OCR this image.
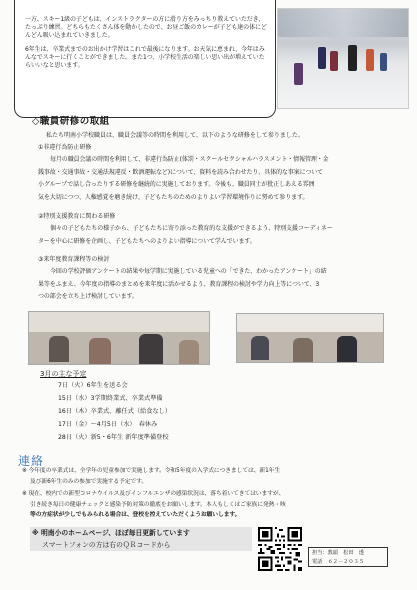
一方、スキー1級の子どもは、インストラクターの方に滑り方をみっちり教えていただき、たっぷり練習。どちらもたくさん体を動かしたので、お昼ご飯のカレーが子ども達の体にどんどん吸い込まれていきました。

6年生は、卒業式までのお出かけ学習はこれで最後になります。お天気に恵まれ、今年はみんなでスキーに行くことができました。また1つ、小学校生活の楽しい思い出が増えていたらいいなと思います。

◇職員研修の取組
私たち明南小学校職員は、職員会議等の時間を利用して、以下のような研修をして参りました。
①非違行為防止研修
毎月の職員会議の時間を利用して、非違行為防止(体罰・スクールセクシャルハラスメント・情報管理・金
銭事故・交通事故・交通法規違反・飲酒運転など)について、資料を読み合わせたり、具体的な事案について
小グループで話し合ったりする研修を継続的に実施しております。今後も、職員同士が批正しあえる雰囲
気を大切につつ、人権感覚を磨き続け、子どもたちのためのよりよい学習環境作りに努めて参ります。
②特別支援教育に関わる研修
個々の子どもたちの様子から、子どもたちに寄り添った教育的な支援ができるよう、特別支援コーディネー
ターを中心に研修を企画し、子どもたちへのよりよい指導について学んでいます。
③来年度教育課程等の検討
今回の学校評価アンケートの結果や毎学期に実施している児童への「できた、わかったアンケート」の結
果等をふまえ、今年度の指導のまとめを来年度に活かせるよう、教育課程の検討や学力向上等について、3
つの部会を立ち上げ検討しています。
3月の主な予定
7日（火）6年生を送る会
15日（水）3学期終業式、卒業式準備
16日（木）卒業式、離任式（給食なし）
17日（金）～4月5日（水）　春休み
28日（火）新5・6年生 新年度準備登校
連絡
※ 今年度の卒業式は、全学年の児童参加で実施します。令和5年度の入学式につきましては、新1年生
及び新6年生のみの参加で実施する予定です。
※ 現在、校内での新型コロナウイルス及びインフルエンザの感染状況は、落ち着いてきてはいますが、
引き続き毎日の健康チェックと感染予防対策の徹底をお願いします。本人もしくはご家族に発熱・咳
等の方症状が少しでもみられる場合は、登校を控えていただくようお願いします。
※ 明南小のホームページ、ほぼ毎日更新しています
スマートフォンの方は右のＱＲコードから
担当：教頭　松田　透
電話　６２－２０３５
